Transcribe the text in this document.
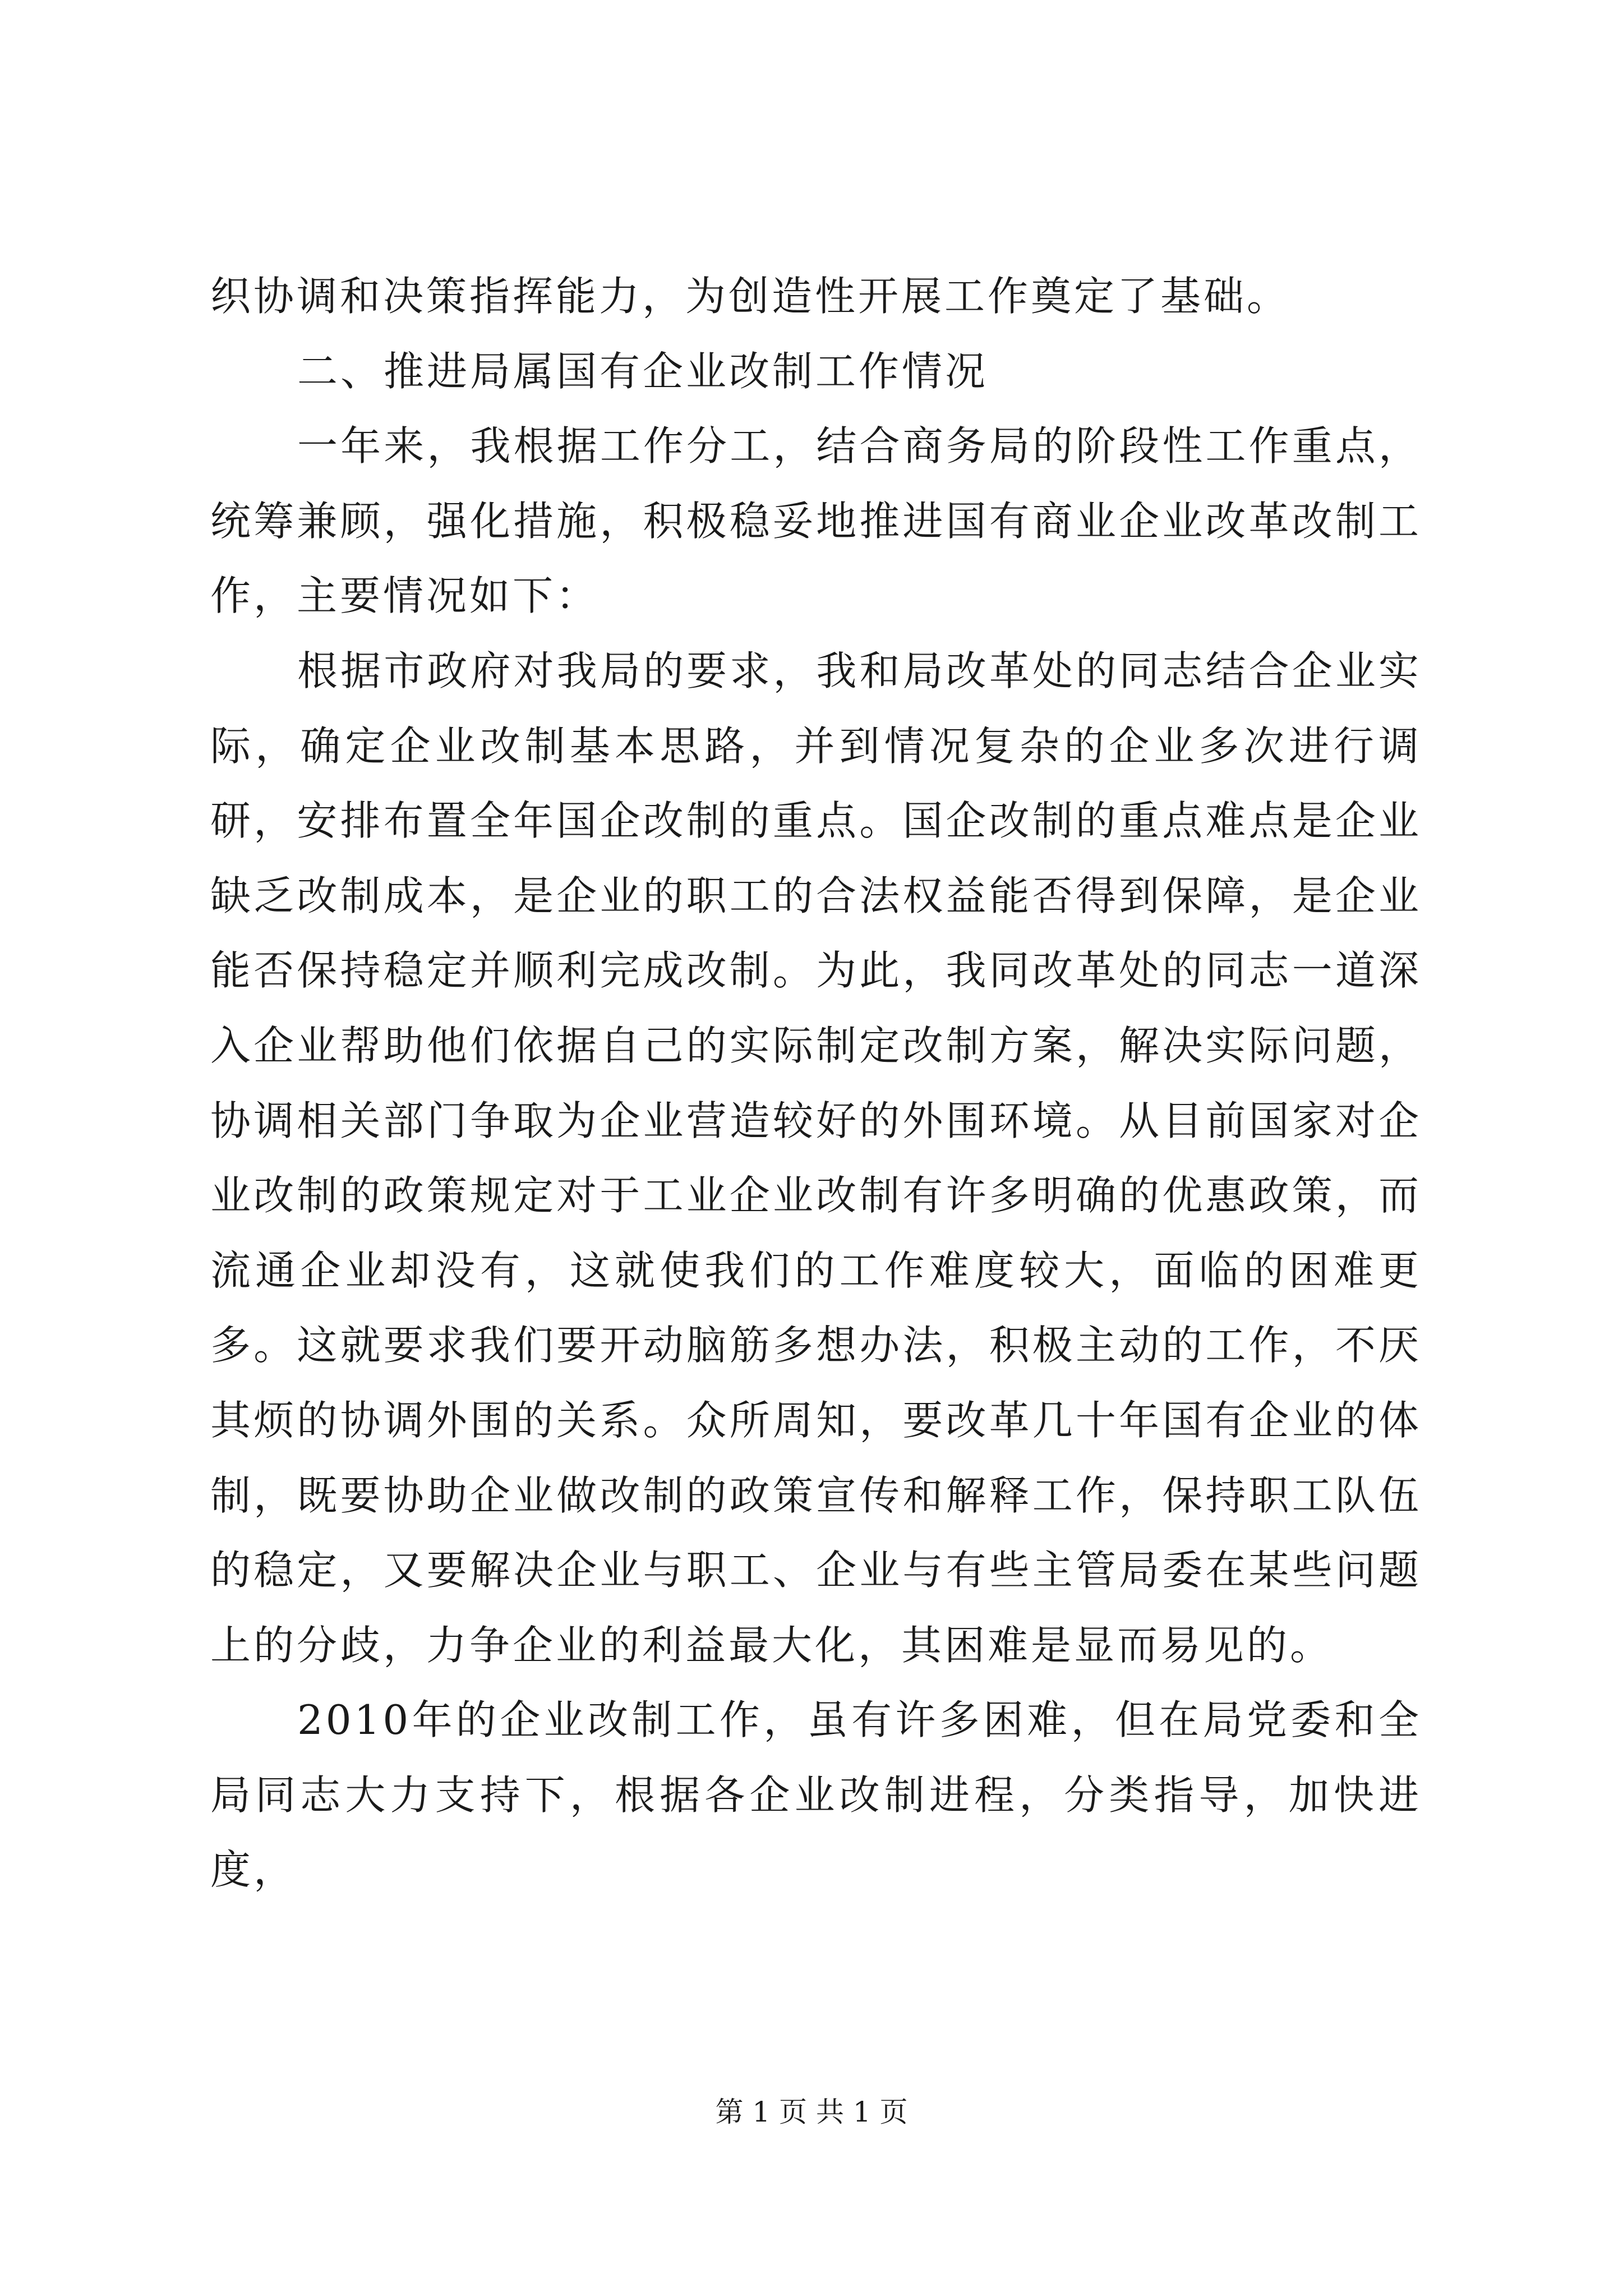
织协调和决策指挥能力，为创造性开展工作奠定了基础。

二、推进局属国有企业改制工作情况

一年来，我根据工作分工，结合商务局的阶段性工作重点，统筹兼顾，强化措施，积极稳妥地推进国有商业企业改革改制工作，主要情况如下：

根据市政府对我局的要求，我和局改革处的同志结合企业实际，确定企业改制基本思路，并到情况复杂的企业多次进行调研，安排布置全年国企改制的重点。国企改制的重点难点是企业缺乏改制成本，是企业的职工的合法权益能否得到保障，是企业能否保持稳定并顺利完成改制。为此，我同改革处的同志一道深入企业帮助他们依据自己的实际制定改制方案，解决实际问题，协调相关部门争取为企业营造较好的外围环境。从目前国家对企业改制的政策规定对于工业企业改制有许多明确的优惠政策，而流通企业却没有，这就使我们的工作难度较大，面临的困难更多。这就要求我们要开动脑筋多想办法，积极主动的工作，不厌其烦的协调外围的关系。众所周知，要改革几十年国有企业的体制，既要协助企业做改制的政策宣传和解释工作，保持职工队伍的稳定，又要解决企业与职工、企业与有些主管局委在某些问题上的分歧，力争企业的利益最大化，其困难是显而易见的。

2010年的企业改制工作，虽有许多困难，但在局党委和全局同志大力支持下，根据各企业改制进程，分类指导，加快进度，

第 1 页 共 1 页
